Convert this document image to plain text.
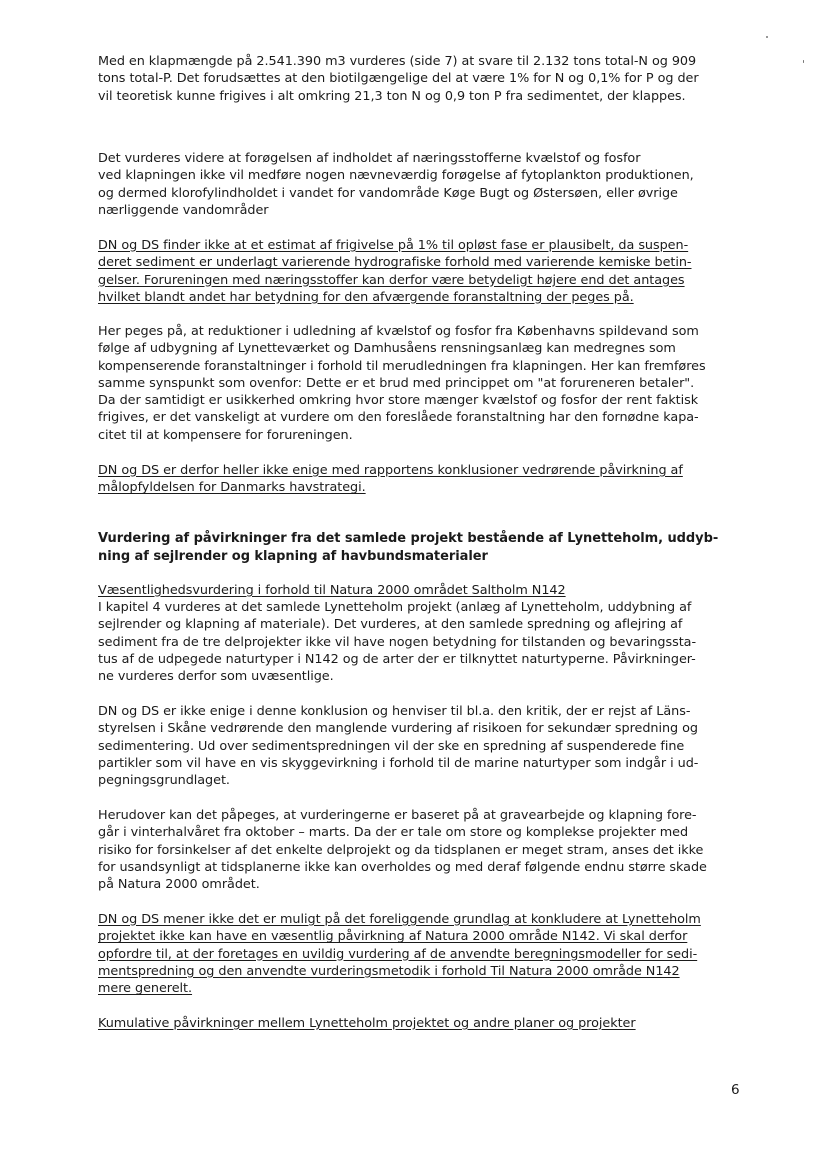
Med en klapmængde på 2.541.390 m3 vurderes (side 7) at svare til 2.132 tons total-N og 909
tons total-P. Det forudsættes at den biotilgængelige del at være 1% for N og 0,1% for P og der
vil teoretisk kunne frigives i alt omkring 21,3 ton N og 0,9 ton P fra sedimentet, der klappes.
Det vurderes videre at forøgelsen af indholdet af næringsstofferne kvælstof og fosfor
ved klapningen ikke vil medføre nogen nævneværdig forøgelse af fytoplankton produktionen,
og dermed klorofylindholdet i vandet for vandområde Køge Bugt og Østersøen, eller øvrige
nærliggende vandområder
DN og DS finder ikke at et estimat af frigivelse på 1% til opløst fase er plausibelt, da suspen-
deret sediment er underlagt varierende hydrografiske forhold med varierende kemiske betin-
gelser. Forureningen med næringsstoffer kan derfor være betydeligt højere end det antages
hvilket blandt andet har betydning for den afværgende foranstaltning der peges på.
Her peges på, at reduktioner i udledning af kvælstof og fosfor fra Københavns spildevand som
følge af udbygning af Lynetteværket og Damhusåens rensningsanlæg kan medregnes som
kompenserende foranstaltninger i forhold til merudledningen fra klapningen. Her kan fremføres
samme synspunkt som ovenfor: Dette er et brud med princippet om "at forureneren betaler".
Da der samtidigt er usikkerhed omkring hvor store mænger kvælstof og fosfor der rent faktisk
frigives, er det vanskeligt at vurdere om den foreslåede foranstaltning har den fornødne kapa-
citet til at kompensere for forureningen.
DN og DS er derfor heller ikke enige med rapportens konklusioner vedrørende påvirkning af
målopfyldelsen for Danmarks havstrategi.
Vurdering af påvirkninger fra det samlede projekt bestående af Lynetteholm, uddyb-
ning af sejlrender og klapning af havbundsmaterialer
Væsentlighedsvurdering i forhold til Natura 2000 området Saltholm N142
I kapitel 4 vurderes at det samlede Lynetteholm projekt (anlæg af Lynetteholm, uddybning af
sejlrender og klapning af materiale). Det vurderes, at den samlede spredning og aflejring af
sediment fra de tre delprojekter ikke vil have nogen betydning for tilstanden og bevaringssta-
tus af de udpegede naturtyper i N142 og de arter der er tilknyttet naturtyperne. Påvirkninger-
ne vurderes derfor som uvæsentlige.
DN og DS er ikke enige i denne konklusion og henviser til bl.a. den kritik, der er rejst af Läns-
styrelsen i Skåne vedrørende den manglende vurdering af risikoen for sekundær spredning og
sedimentering. Ud over sedimentspredningen vil der ske en spredning af suspenderede fine
partikler som vil have en vis skyggevirkning i forhold til de marine naturtyper som indgår i ud-
pegningsgrundlaget.
Herudover kan det påpeges, at vurderingerne er baseret på at gravearbejde og klapning fore-
går i vinterhalvåret fra oktober – marts. Da der er tale om store og komplekse projekter med
risiko for forsinkelser af det enkelte delprojekt og da tidsplanen er meget stram, anses det ikke
for usandsynligt at tidsplanerne ikke kan overholdes og med deraf følgende endnu større skade
på Natura 2000 området.
DN og DS mener ikke det er muligt på det foreliggende grundlag at konkludere at Lynetteholm
projektet ikke kan have en væsentlig påvirkning af Natura 2000 område N142. Vi skal derfor
opfordre til, at der foretages en uvildig vurdering af de anvendte beregningsmodeller for sedi-
mentspredning og den anvendte vurderingsmetodik i forhold Til Natura 2000 område N142
mere generelt.
Kumulative påvirkninger mellem Lynetteholm projektet og andre planer og projekter
6
